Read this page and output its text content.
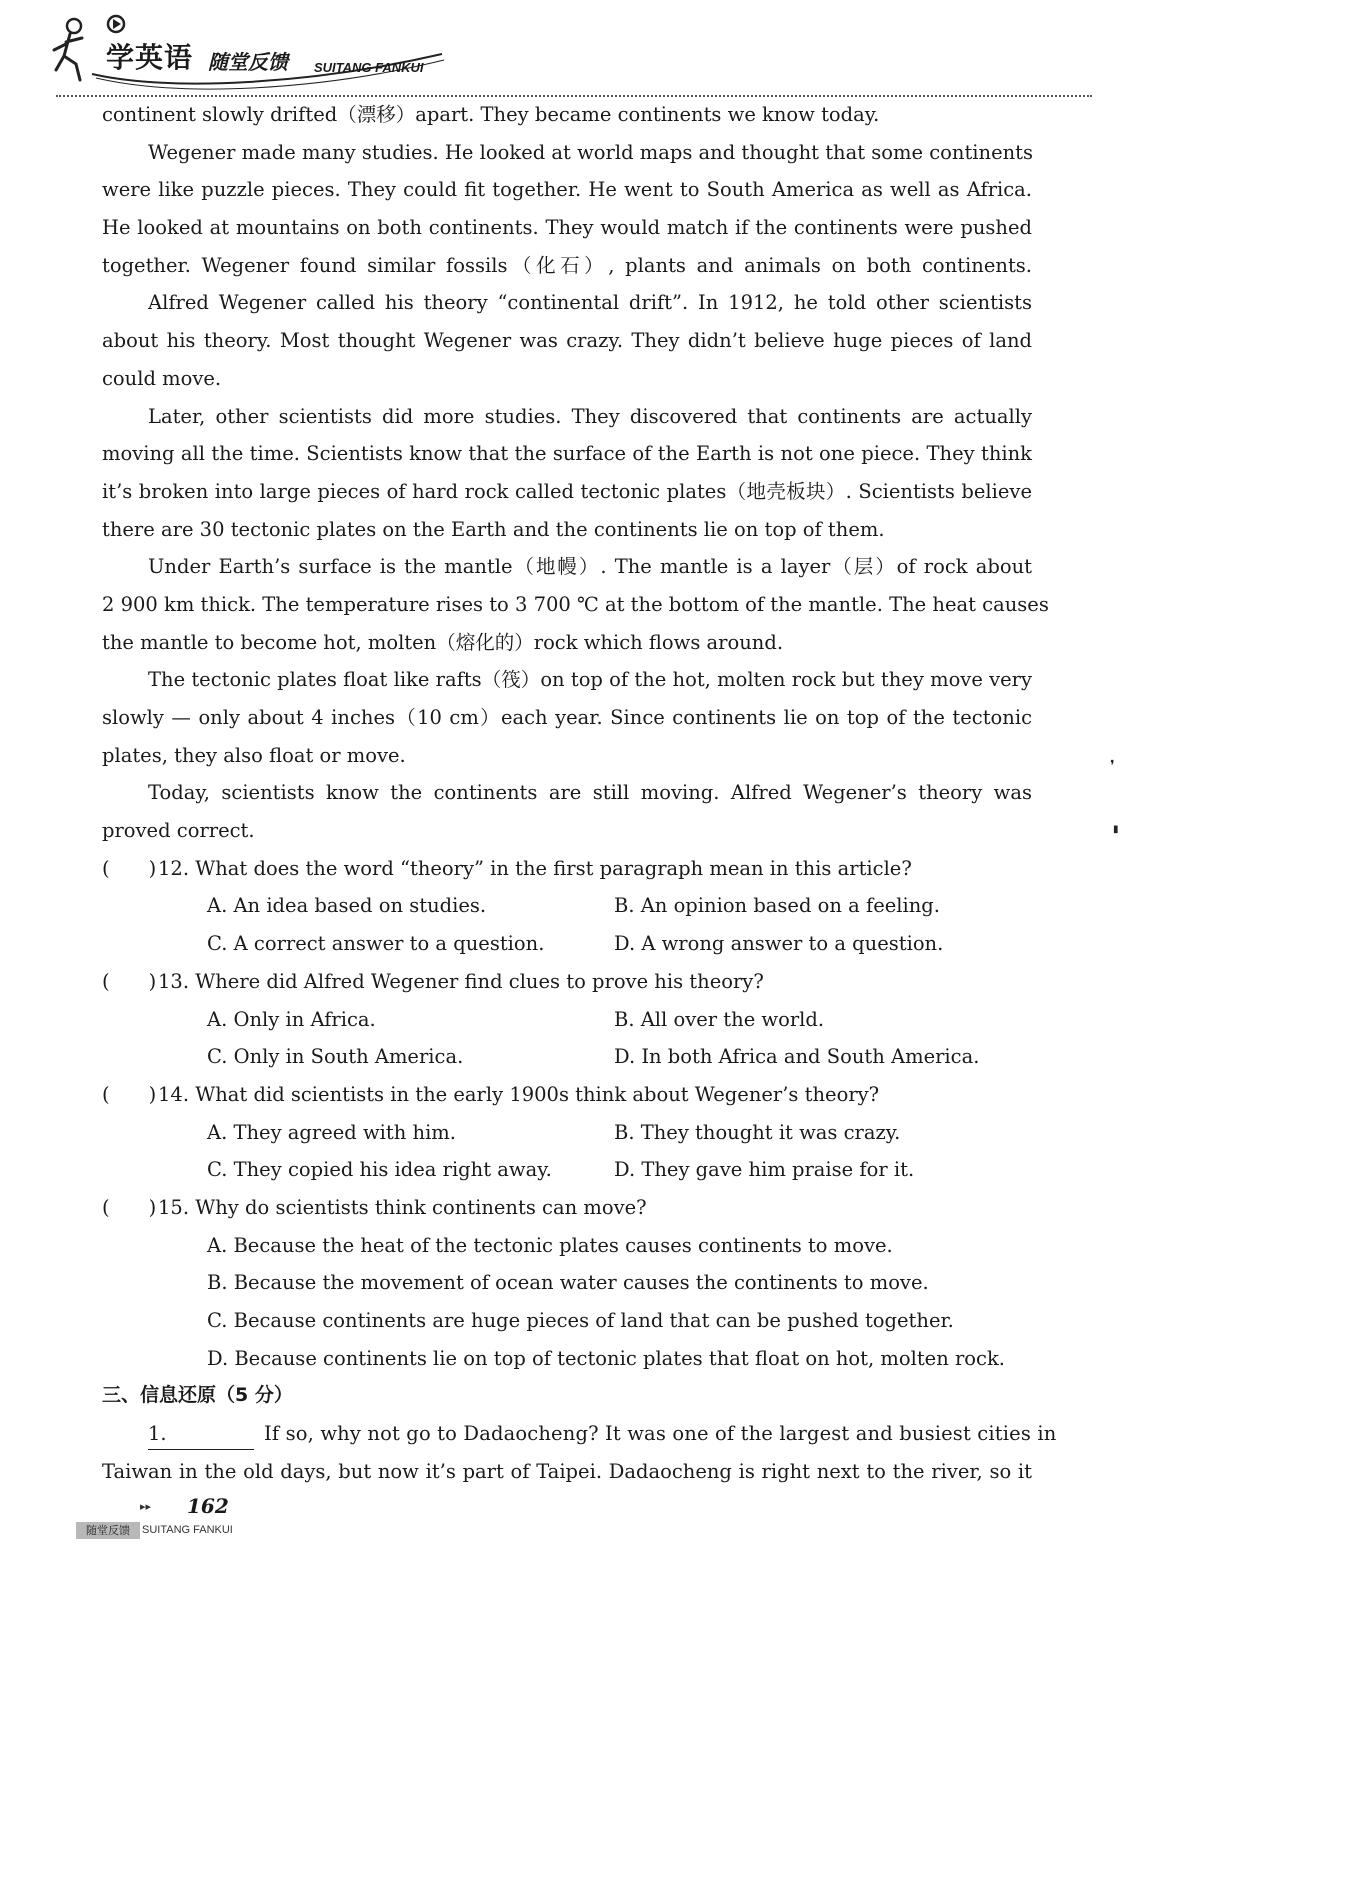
学英语 随堂反馈 SUITANG FANKUI
continent slowly drifted（漂移）apart. They became continents we know today.
Wegener made many studies. He looked at world maps and thought that some continents
were like puzzle pieces. They could fit together. He went to South America as well as Africa.
He looked at mountains on both continents. They would match if the continents were pushed
together. Wegener found similar fossils（化石）, plants and animals on both continents.
Alfred Wegener called his theory “continental drift”. In 1912, he told other scientists
about his theory. Most thought Wegener was crazy. They didn’t believe huge pieces of land
could move.
Later, other scientists did more studies. They discovered that continents are actually
moving all the time. Scientists know that the surface of the Earth is not one piece. They think
it’s broken into large pieces of hard rock called tectonic plates（地壳板块）. Scientists believe
there are 30 tectonic plates on the Earth and the continents lie on top of them.
Under Earth’s surface is the mantle（地幔）. The mantle is a layer（层）of rock about
2 900 km thick. The temperature rises to 3 700 ℃ at the bottom of the mantle. The heat causes
the mantle to become hot, molten（熔化的）rock which flows around.
The tectonic plates float like rafts（筏）on top of the hot, molten rock but they move very
slowly — only about 4 inches（10 cm）each year. Since continents lie on top of the tectonic
plates, they also float or move.
Today, scientists know the continents are still moving. Alfred Wegener’s theory was
proved correct.
(　　) 12. What does the word “theory” in the first paragraph mean in this article?
A. An idea based on studies.	B. An opinion based on a feeling.
C. A correct answer to a question.	D. A wrong answer to a question.
(　　) 13. Where did Alfred Wegener find clues to prove his theory?
A. Only in Africa.	B. All over the world.
C. Only in South America.	D. In both Africa and South America.
(　　) 14. What did scientists in the early 1900s think about Wegener’s theory?
A. They agreed with him.	B. They thought it was crazy.
C. They copied his idea right away.	D. They gave him praise for it.
(　　) 15. Why do scientists think continents can move?
A. Because the heat of the tectonic plates causes continents to move.
B. Because the movement of ocean water causes the continents to move.
C. Because continents are huge pieces of land that can be pushed together.
D. Because continents lie on top of tectonic plates that float on hot, molten rock.
三、信息还原（5 分）
1.	If so, why not go to Dadaocheng? It was one of the largest and busiest cities in
Taiwan in the old days, but now it’s part of Taipei. Dadaocheng is right next to the river, so it
❜
▮
▸▸ 162
随堂反馈	SUITANG FANKUI
